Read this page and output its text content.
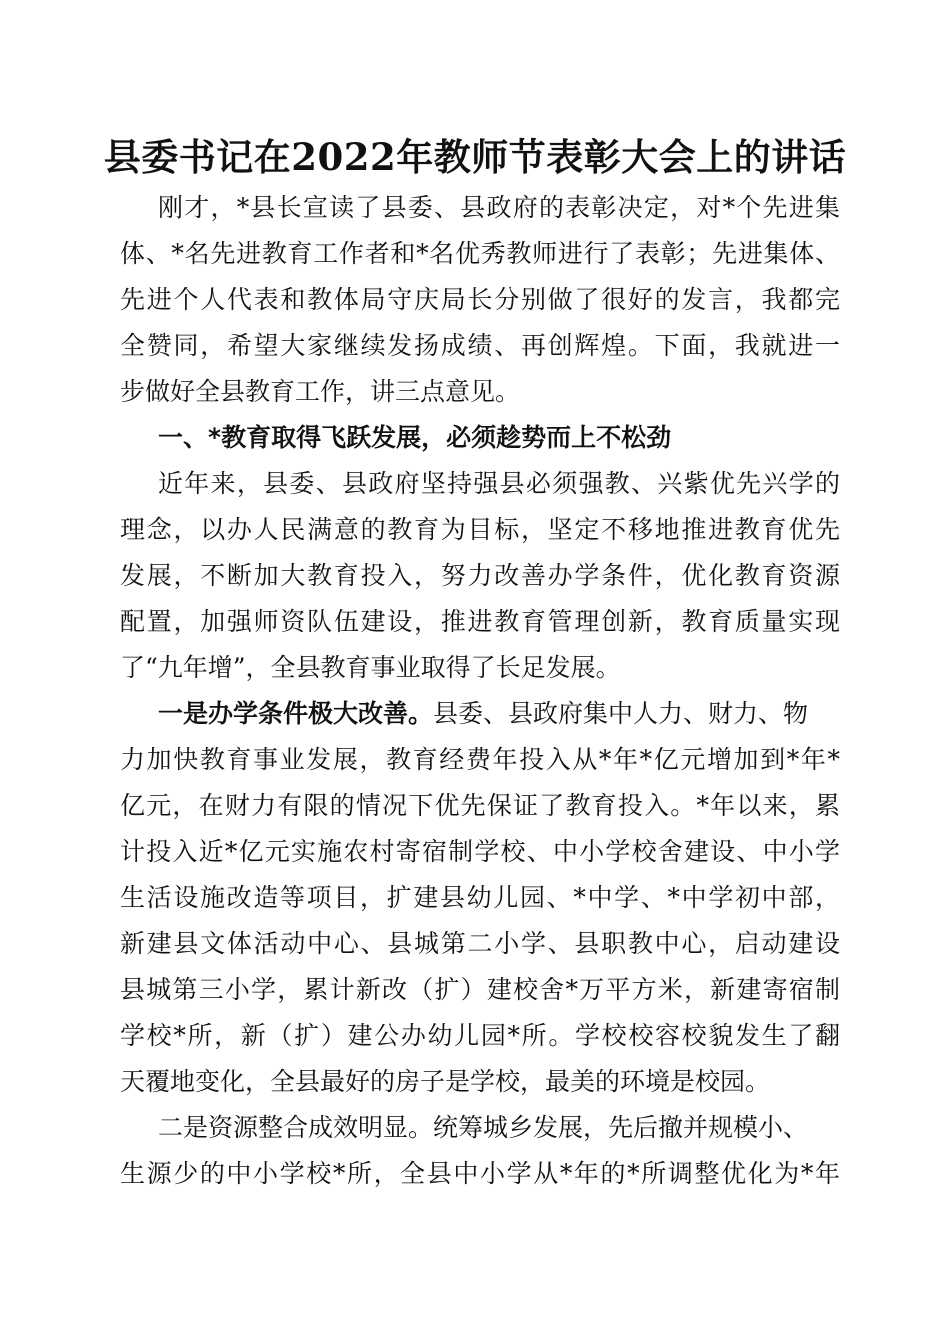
县委书记在2022年教师节表彰大会上的讲话

刚才，*县长宣读了县委、县政府的表彰决定，对*个先进集

体、*名先进教育工作者和*名优秀教师进行了表彰；先进集体、

先进个人代表和教体局守庆局长分别做了很好的发言，我都完

全赞同，希望大家继续发扬成绩、再创辉煌。下面，我就进一

步做好全县教育工作，讲三点意见。

一、*教育取得飞跃发展，必须趁势而上不松劲

近年来，县委、县政府坚持强县必须强教、兴紫优先兴学的

理念，以办人民满意的教育为目标，坚定不移地推进教育优先

发展，不断加大教育投入，努力改善办学条件，优化教育资源

配置，加强师资队伍建设，推进教育管理创新，教育质量实现

了“九年增”，全县教育事业取得了长足发展。

一是办学条件极大改善。县委、县政府集中人力、财力、物

力加快教育事业发展，教育经费年投入从*年*亿元增加到*年*

亿元，在财力有限的情况下优先保证了教育投入。*年以来，累

计投入近*亿元实施农村寄宿制学校、中小学校舍建设、中小学

生活设施改造等项目，扩建县幼儿园、*中学、*中学初中部，

新建县文体活动中心、县城第二小学、县职教中心，启动建设

县城第三小学，累计新改（扩）建校舍*万平方米，新建寄宿制

学校*所，新（扩）建公办幼儿园*所。学校校容校貌发生了翻

天覆地变化，全县最好的房子是学校，最美的环境是校园。

二是资源整合成效明显。统筹城乡发展，先后撤并规模小、

生源少的中小学校*所，全县中小学从*年的*所调整优化为*年
